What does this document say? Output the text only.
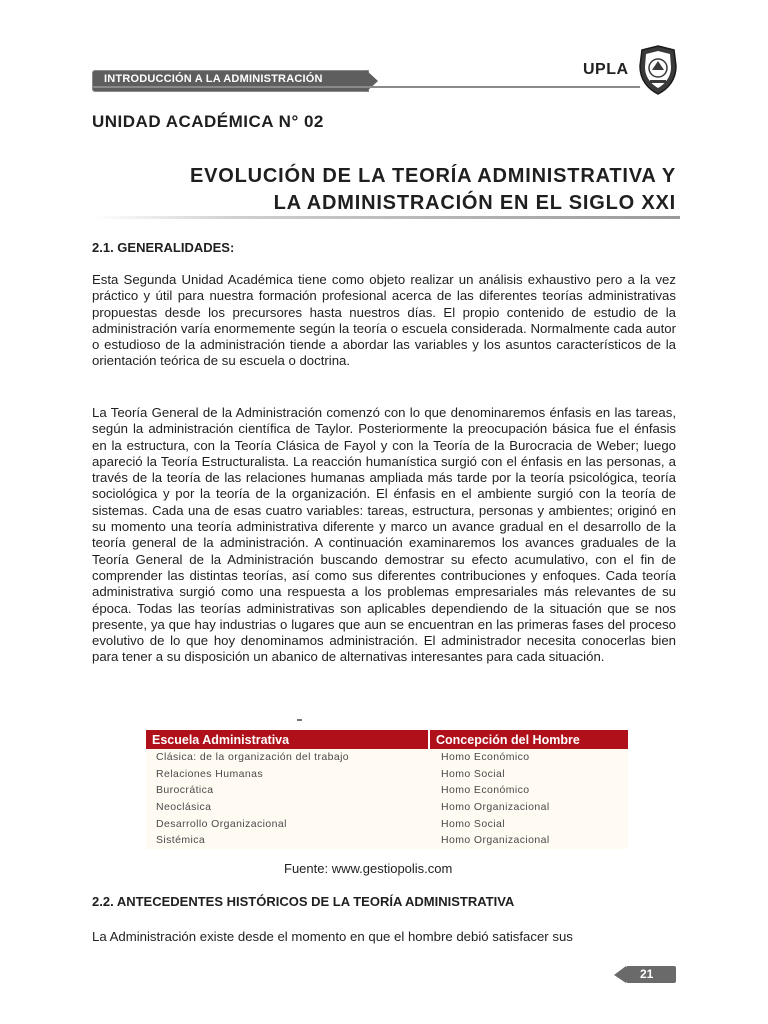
INTRODUCCIÓN A LA ADMINISTRACIÓN
UPLA
UNIDAD ACADÉMICA N° 02
EVOLUCIÓN DE LA TEORÍA ADMINISTRATIVA Y
LA ADMINISTRACIÓN EN EL SIGLO XXI
2.1. GENERALIDADES:

Esta Segunda Unidad Académica tiene como objeto realizar un análisis exhaustivo pero a la vez práctico y útil para nuestra formación profesional acerca de las diferentes teorías administrativas propuestas desde los precursores hasta nuestros días. El propio contenido de estudio de la administración varía enormemente según la teoría o escuela considerada. Normalmente cada autor o estudioso de la administración tiende a abordar las variables y los asuntos característicos de la orientación teórica de su escuela o doctrina.

La Teoría General de la Administración comenzó con lo que denominaremos énfasis en las tareas, según la administración científica de Taylor. Posteriormente la preocupación básica fue el énfasis en la estructura, con la Teoría Clásica de Fayol y con la Teoría de la Burocracia de Weber; luego apareció la Teoría Estructuralista. La reacción humanística surgió con el énfasis en las personas, a través de la teoría de las relaciones humanas ampliada más tarde por la teoría psicológica, teoría sociológica y por la teoría de la organización. El énfasis en el ambiente surgió con la teoría de sistemas. Cada una de esas cuatro variables: tareas, estructura, personas y ambientes; originó en su momento una teoría administrativa diferente y marco un avance gradual en el desarrollo de la teoría general de la administración. A continuación examinaremos los avances graduales de la Teoría General de la Administración buscando demostrar su efecto acumulativo, con el fin de comprender las distintas teorías, así como sus diferentes contribuciones y enfoques. Cada teoría administrativa surgió como una respuesta a los problemas empresariales más relevantes de su época. Todas las teorías administrativas son aplicables dependiendo de la situación que se nos presente, ya que hay industrias o lugares que aun se encuentran en las primeras fases del proceso evolutivo de lo que hoy denominamos administración. El administrador necesita conocerlas bien para tener a su disposición un abanico de alternativas interesantes para cada situación.

Escuela Administrativa	Concepción del Hombre
Clásica: de la organización del trabajo	Homo Económico
Relaciones Humanas	Homo Social
Burocrática	Homo Económico
Neoclásica	Homo Organizacional
Desarrollo Organizacional	Homo Social
Sistémica	Homo Organizacional
Fuente: www.gestiopolis.com
2.2. ANTECEDENTES HISTÓRICOS DE LA TEORÍA ADMINISTRATIVA

La Administración existe desde el momento en que el hombre debió satisfacer sus

21
